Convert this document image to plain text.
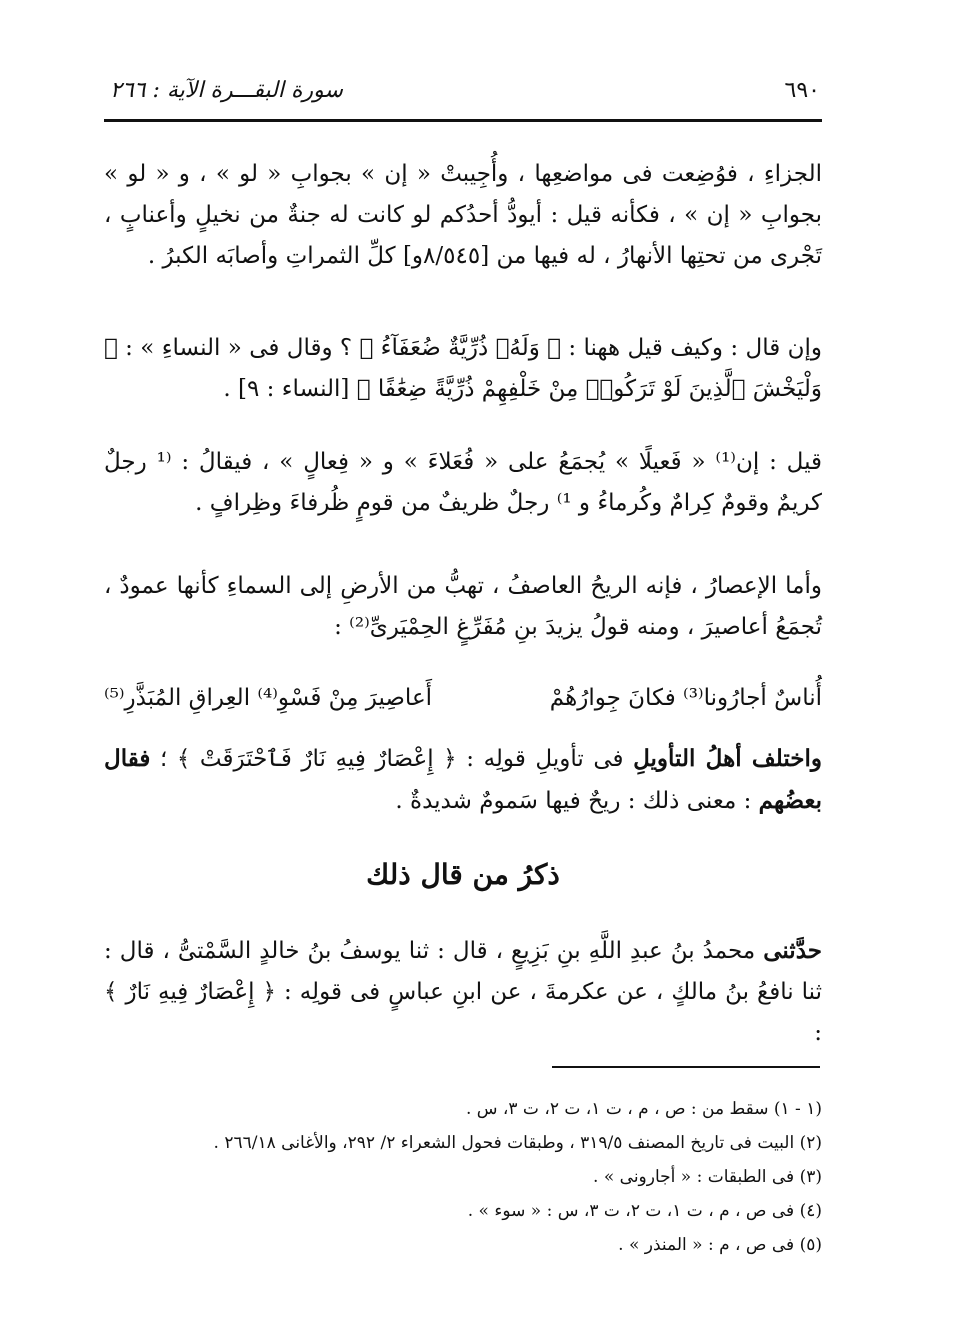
٦٩٠
سورة البقـــرة الآية : ٢٦٦
الجزاءِ ، فوُضِعت فى مواضعِها ، وأُجِيبتْ « إن » بجوابِ « لو » ، و « لو » بجوابِ « إن » ، فكأنه قيل : أيودُّ أحدُكم لو كانت له جنةٌ من نخيلٍ وأعنابٍ ، تَجْرى من تحتِها الأنهارُ ، له فيها من [٨/٥٤٥و] كلِّ الثمراتِ وأصابَه الكبرُ .
وإن قال : وكيف قيل ههنا : ﴿ وَلَهُۥ ذُرِّيَّةٌ ضُعَفَآءُ ﴾ ؟ وقال فى « النساءِ » : ﴿ وَلْيَخْشَ ٱلَّذِينَ لَوْ تَرَكُوا۟ مِنْ خَلْفِهِمْ ذُرِّيَّةً ضِعَٰفًا ﴾ [النساء : ٩] .
قيل : إن⁽¹⁾ « فَعيلًا » يُجمَعُ على « فُعَلاءَ » و « فِعالٍ » ، فيقالُ : ⁽¹ رجلٌ كريمٌ وقومٌ كِرامٌ وكُرماءُ و ¹⁾ رجلٌ ظريفٌ من قومٍ ظُرفاءَ وظِرافٍ .
وأما الإعصارُ ، فإنه الريحُ العاصفُ ، تهبُّ من الأرضِ إلى السماءِ كأنها عمودٌ ، تُجمَعُ أعاصيرَ ، ومنه قولُ يزيدَ بنِ مُفَرِّغٍ الحِمْيَرىِّ⁽²⁾ :
أُناسٌ أجارُونا⁽³⁾ فكانَ جِوارُهُمْ
أَعاصِيرَ مِنْ فَسْوِ⁽⁴⁾ العِراقِ المُبَذَّرِ⁽⁵⁾
واختلف أهلُ التأويلِ فى تأويلِ قولِه : ﴿ إِعْصَارٌ فِيهِ نَارٌ فَٱحْتَرَقَتْ ﴾ ؛ فقال بعضُهم : معنى ذلك : ريحٌ فيها سَمومٌ شديدةٌ .
ذكرُ من قال ذلك
حدَّثنى محمدُ بنُ عبدِ اللَّهِ بنِ بَزِيعٍ ، قال : ثنا يوسفُ بنُ خالدٍ السَّمْتىُّ ، قال : ثنا نافعُ بنُ مالكٍ ، عن عكرمةَ ، عن ابنِ عباسٍ فى قولِه : ﴿ إِعْصَارٌ فِيهِ نَارٌ ﴾ :
(١ - ١) سقط من : ص ، م ، ت ١، ت ٢، ت ٣، س .
(٢) البيت فى تاريخ المصنف ٣١٩/٥ ، وطبقات فحول الشعراء ٢/ ٢٩٢، والأغانى ٢٦٦/١٨ .
(٣) فى الطبقات : « أجارونى » .
(٤) فى ص ، م ، ت ١، ت ٢، ت ٣، س : « سوء » .
(٥) فى ص ، م : « المنذر » .
